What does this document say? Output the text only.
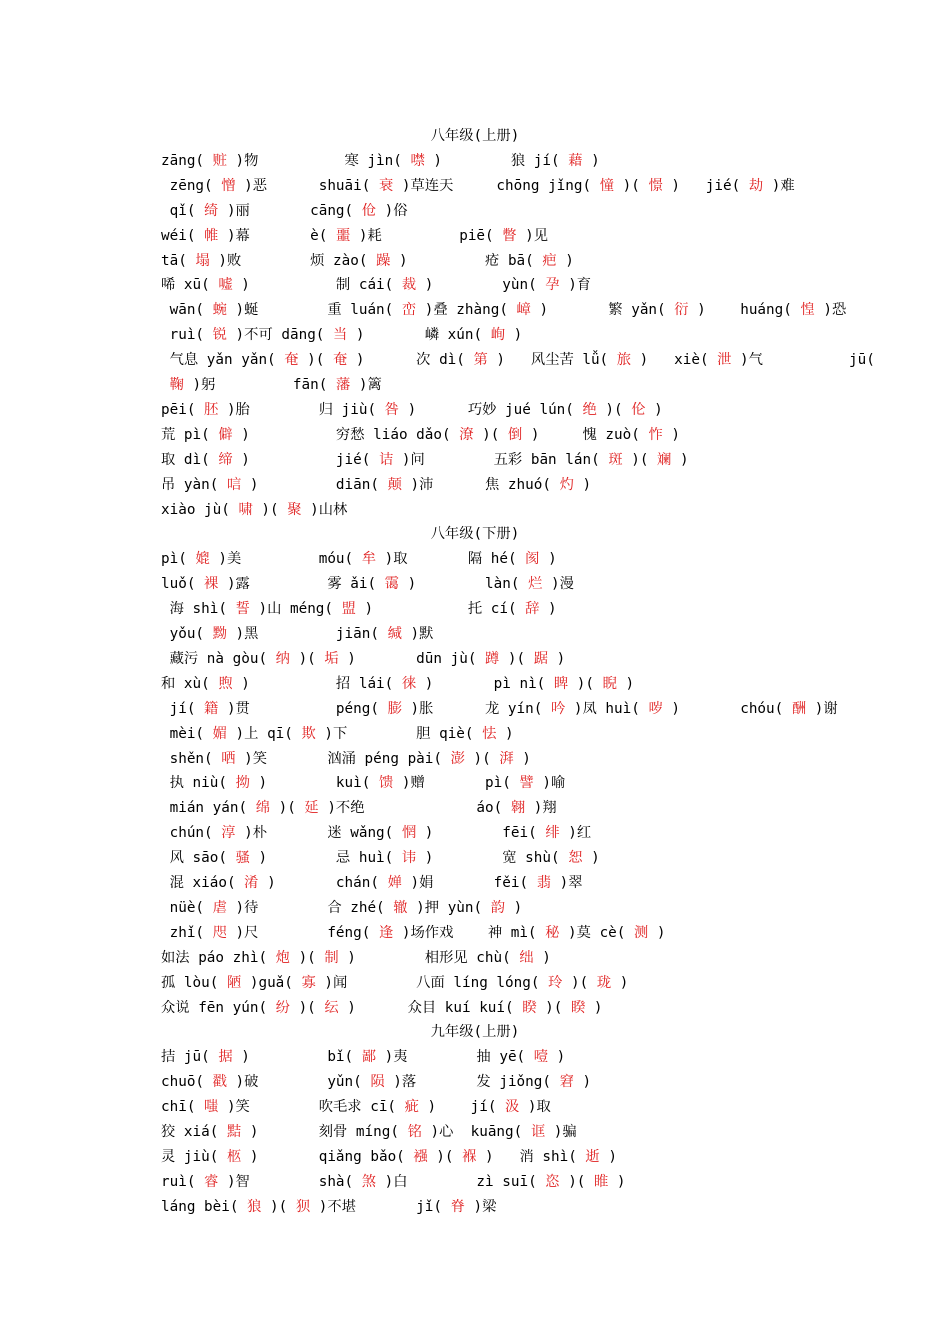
八年级(上册)
zāng( 赃 )物          寒 jìn( 噤 )        狼 jí( 藉 )
zēng( 憎 )恶      shuāi( 衰 )草连天     chōng jǐng( 憧 )( 憬 )   jié( 劫 )难
qǐ( 绮 )丽       cāng( 伧 )俗
wéi( 帷 )幕       è( 噩 )耗         piē( 瞥 )见
tā( 塌 )败        烦 zào( 躁 )         疮 bā( 疤 )
唏 xū( 嘘 )          制 cái( 裁 )        yùn( 孕 )育
wān( 蜿 )蜒        重 luán( 峦 )叠 zhàng( 嶂 )       繁 yǎn( 衍 )    huáng( 惶 )恐
ruì( 锐 )不可 dāng( 当 )       嶙 xún( 峋 )
气息 yǎn yǎn( 奄 )( 奄 )      次 dì( 第 )   风尘苦 lǚ( 旅 )   xiè( 泄 )气          jū(
鞠 )躬         fān( 藩 )篱
pēi( 胚 )胎        归 jiù( 咎 )      巧妙 jué lún( 绝 )( 伦 )
荒 pì( 僻 )          穷愁 liáo dǎo( 潦 )( 倒 )     愧 zuò( 怍 )
取 dì( 缔 )          jié( 诘 )问        五彩 bān lán( 斑 )( 斓 )
吊 yàn( 唁 )         diān( 颠 )沛      焦 zhuó( 灼 )
xiào jù( 啸 )( 聚 )山林
八年级(下册)
pì( 媲 )美         móu( 牟 )取       隔 hé( 阂 )
luǒ( 裸 )露         雾 ǎi( 霭 )        làn( 烂 )漫
海 shì( 誓 )山 méng( 盟 )           托 cí( 辞 )
yǒu( 黝 )黑         jiān( 缄 )默
藏污 nà gòu( 纳 )( 垢 )       dūn jù( 蹲 )( 踞 )
和 xù( 煦 )          招 lái( 徕 )       pì nì( 睥 )( 睨 )
jí( 籍 )贯          péng( 膨 )胀      龙 yín( 吟 )凤 huì( 哕 )       chóu( 酬 )谢
mèi( 媚 )上 qī( 欺 )下        胆 qiè( 怯 )
shěn( 哂 )笑       汹涌 péng pài( 澎 )( 湃 )
执 niù( 拗 )        kuì( 馈 )赠       pì( 譬 )喻
mián yán( 绵 )( 延 )不绝             áo( 翱 )翔
chún( 淳 )朴       迷 wǎng( 惘 )        fēi( 绯 )红
风 sāo( 骚 )        忌 huì( 讳 )        宽 shù( 恕 )
混 xiáo( 淆 )       chán( 婵 )娟       fěi( 翡 )翠
nüè( 虐 )待        合 zhé( 辙 )押 yùn( 韵 )
zhǐ( 咫 )尺        féng( 逢 )场作戏    神 mì( 秘 )莫 cè( 测 )
如法 páo zhì( 炮 )( 制 )        相形见 chù( 绌 )
孤 lòu( 陋 )guǎ( 寡 )闻        八面 líng lóng( 玲 )( 珑 )
众说 fēn yún( 纷 )( 纭 )      众目 kuí kuí( 睽 )( 睽 )
九年级(上册)
拮 jū( 据 )         bǐ( 鄙 )夷        抽 yē( 噎 )
chuō( 戳 )破        yǔn( 陨 )落       发 jiǒng( 窘 )
chī( 嗤 )笑        吹毛求 cī( 疵 )    jí( 汲 )取
狡 xiá( 黠 )       刻骨 míng( 铭 )心  kuāng( 诓 )骗
灵 jiù( 柩 )       qiǎng bǎo( 襁 )( 褓 )   消 shì( 逝 )
ruì( 睿 )智        shà( 煞 )白        zì suī( 恣 )( 睢 )
láng bèi( 狼 )( 狈 )不堪       jǐ( 脊 )梁
